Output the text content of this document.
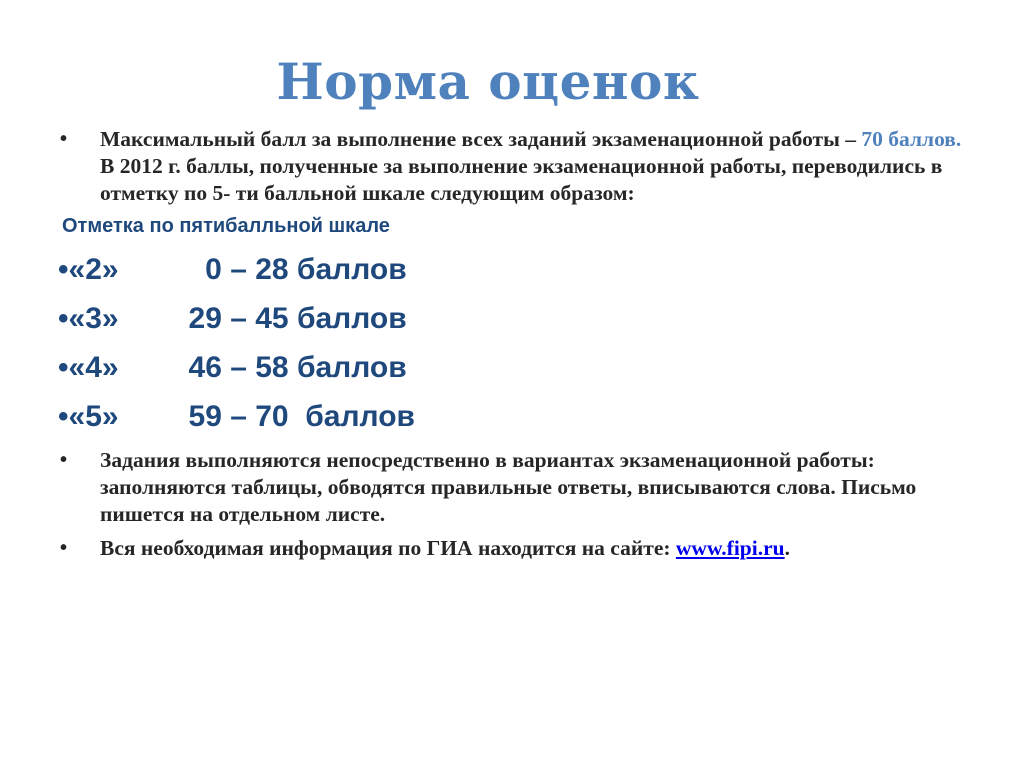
Норма оценок
• Максимальный балл за выполнение всех заданий экзаменационной работы – 70 баллов. В 2012 г. баллы, полученные за выполнение экзаменационной работы, переводились в отметку по 5- ти балльной шкале следующим образом:
Отметка по пятибалльной шкале
•«2»  0 – 28 баллов
•«3» 29 – 45 баллов
•«4» 46 – 58 баллов
•«5» 59 – 70  баллов
• Задания выполняются непосредственно в вариантах экзаменационной работы: заполняются таблицы, обводятся правильные ответы, вписываются слова. Письмо пишется на отдельном листе.
• Вся необходимая информация по ГИА находится на сайте: www.fipi.ru.
